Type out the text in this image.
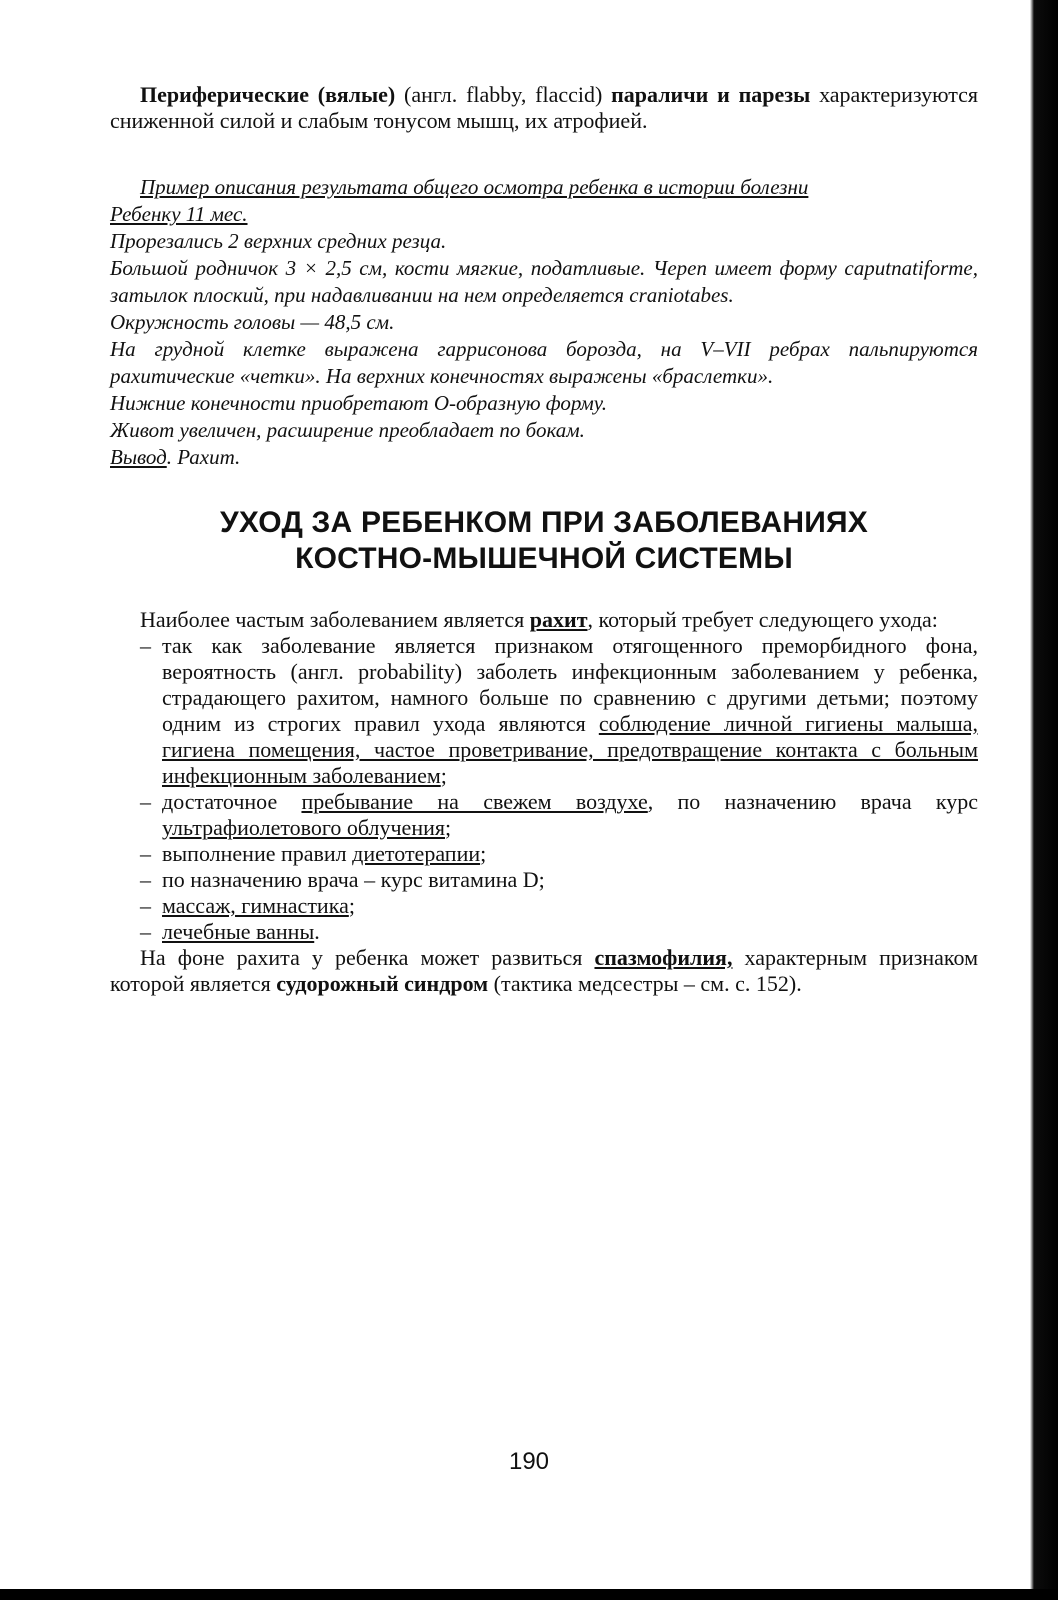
Периферические (вялые) (англ. flabby, flaccid) параличи и парезы характеризуются сниженной силой и слабым тонусом мышц, их атрофией.

Пример описания результата общего осмотра ребенка в истории болезни

Ребенку 11 мес.

Прорезались 2 верхних средних резца.

Большой родничок 3 × 2,5 см, кости мягкие, податливые. Череп имеет форму caputnatiforme, затылок плоский, при надавливании на нем определяется craniotabes.

Окружность головы — 48,5 см.

На грудной клетке выражена гаррисонова борозда, на V–VII ребрах пальпируются рахитические «четки». На верхних конечностях выражены «браслетки».

Нижние конечности приобретают О-образную форму.

Живот увеличен, расширение преобладает по бокам.

Вывод. Рахит.

УХОД ЗА РЕБЕНКОМ ПРИ ЗАБОЛЕВАНИЯХ
КОСТНО-МЫШЕЧНОЙ СИСТЕМЫ

Наиболее частым заболеванием является рахит, который требует следующего ухода:

– так как заболевание является признаком отягощенного преморбидного фона, вероятность (англ. probability) заболеть инфекционным заболеванием у ребенка, страдающего рахитом, намного больше по сравнению с другими детьми; поэтому одним из строгих правил ухода являются соблюдение личной гигиены малыша, гигиена помещения, частое проветривание, предотвращение контакта с больным инфекционным заболеванием;
– достаточное пребывание на свежем воздухе, по назначению врача курс ультрафиолетового облучения;
– выполнение правил диетотерапии;
– по назначению врача – курс витамина D;
– массаж, гимнастика;
– лечебные ванны.

На фоне рахита у ребенка может развиться спазмофилия, характерным признаком которой является судорожный синдром (тактика медсестры – см. с. 152).

190
